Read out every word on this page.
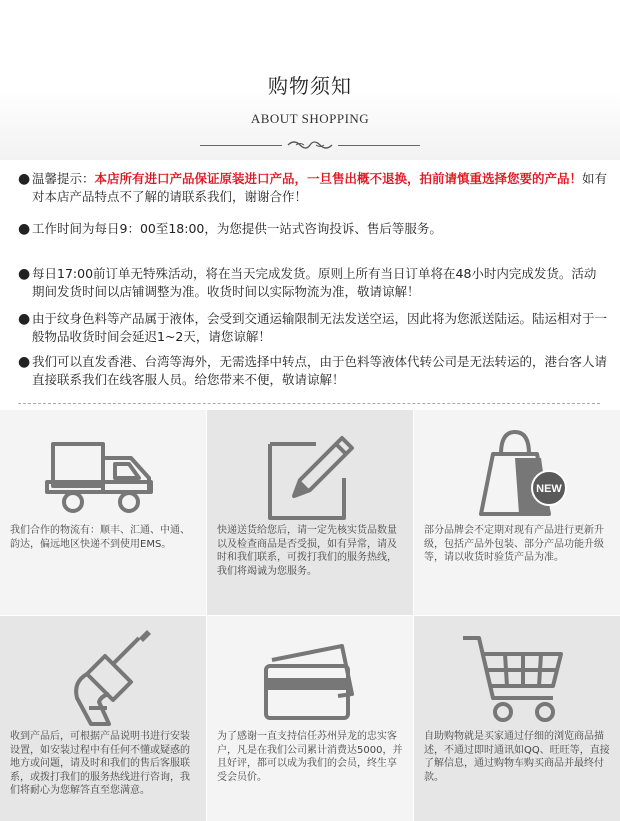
购物须知
ABOUT SHOPPING
● 温馨提示：本店所有进口产品保证原装进口产品，一旦售出概不退换，拍前请慎重选择您要的产品！如有对本店产品特点不了解的请联系我们，谢谢合作！
● 工作时间为每日9：00至18:00，为您提供一站式咨询投诉、售后等服务。
● 每日17:00前订单无特殊活动，将在当天完成发货。原则上所有当日订单将在48小时内完成发货。活动期间发货时间以店铺调整为准。收货时间以实际物流为准，敬请谅解！
● 由于纹身色料等产品属于液体，会受到交通运输限制无法发送空运，因此将为您派送陆运。陆运相对于一般物品收货时间会延迟1~2天，请您谅解！
● 我们可以直发香港、台湾等海外，无需选择中转点，由于色料等液体代转公司是无法转运的，港台客人请直接联系我们在线客服人员。给您带来不便，敬请谅解！
我们合作的物流有：顺丰、汇通、中通、韵达，偏远地区快递不到使用EMS。
快递送货给您后，请一定先核实货品数量以及检查商品是否受损，如有异常，请及时和我们联系，可拨打我们的服务热线，我们将竭诚为您服务。
NEW
部分品牌会不定期对现有产品进行更新升级，包括产品外包装、部分产品功能升级等，请以收货时验货产品为准。
收到产品后，可根据产品说明书进行安装设置，如安装过程中有任何不懂或疑惑的地方或问题，请及时和我们的售后客服联系，或拨打我们的服务热线进行咨询，我们将耐心为您解答直至您满意。
为了感谢一直支持信任苏州异龙的忠实客户，凡是在我们公司累计消费达5000，并且好评，都可以成为我们的会员，终生享受会员价。
自助购物就是买家通过仔细的浏览商品描述，不通过即时通讯如QQ、旺旺等，直接了解信息，通过购物车购买商品并最终付款。
